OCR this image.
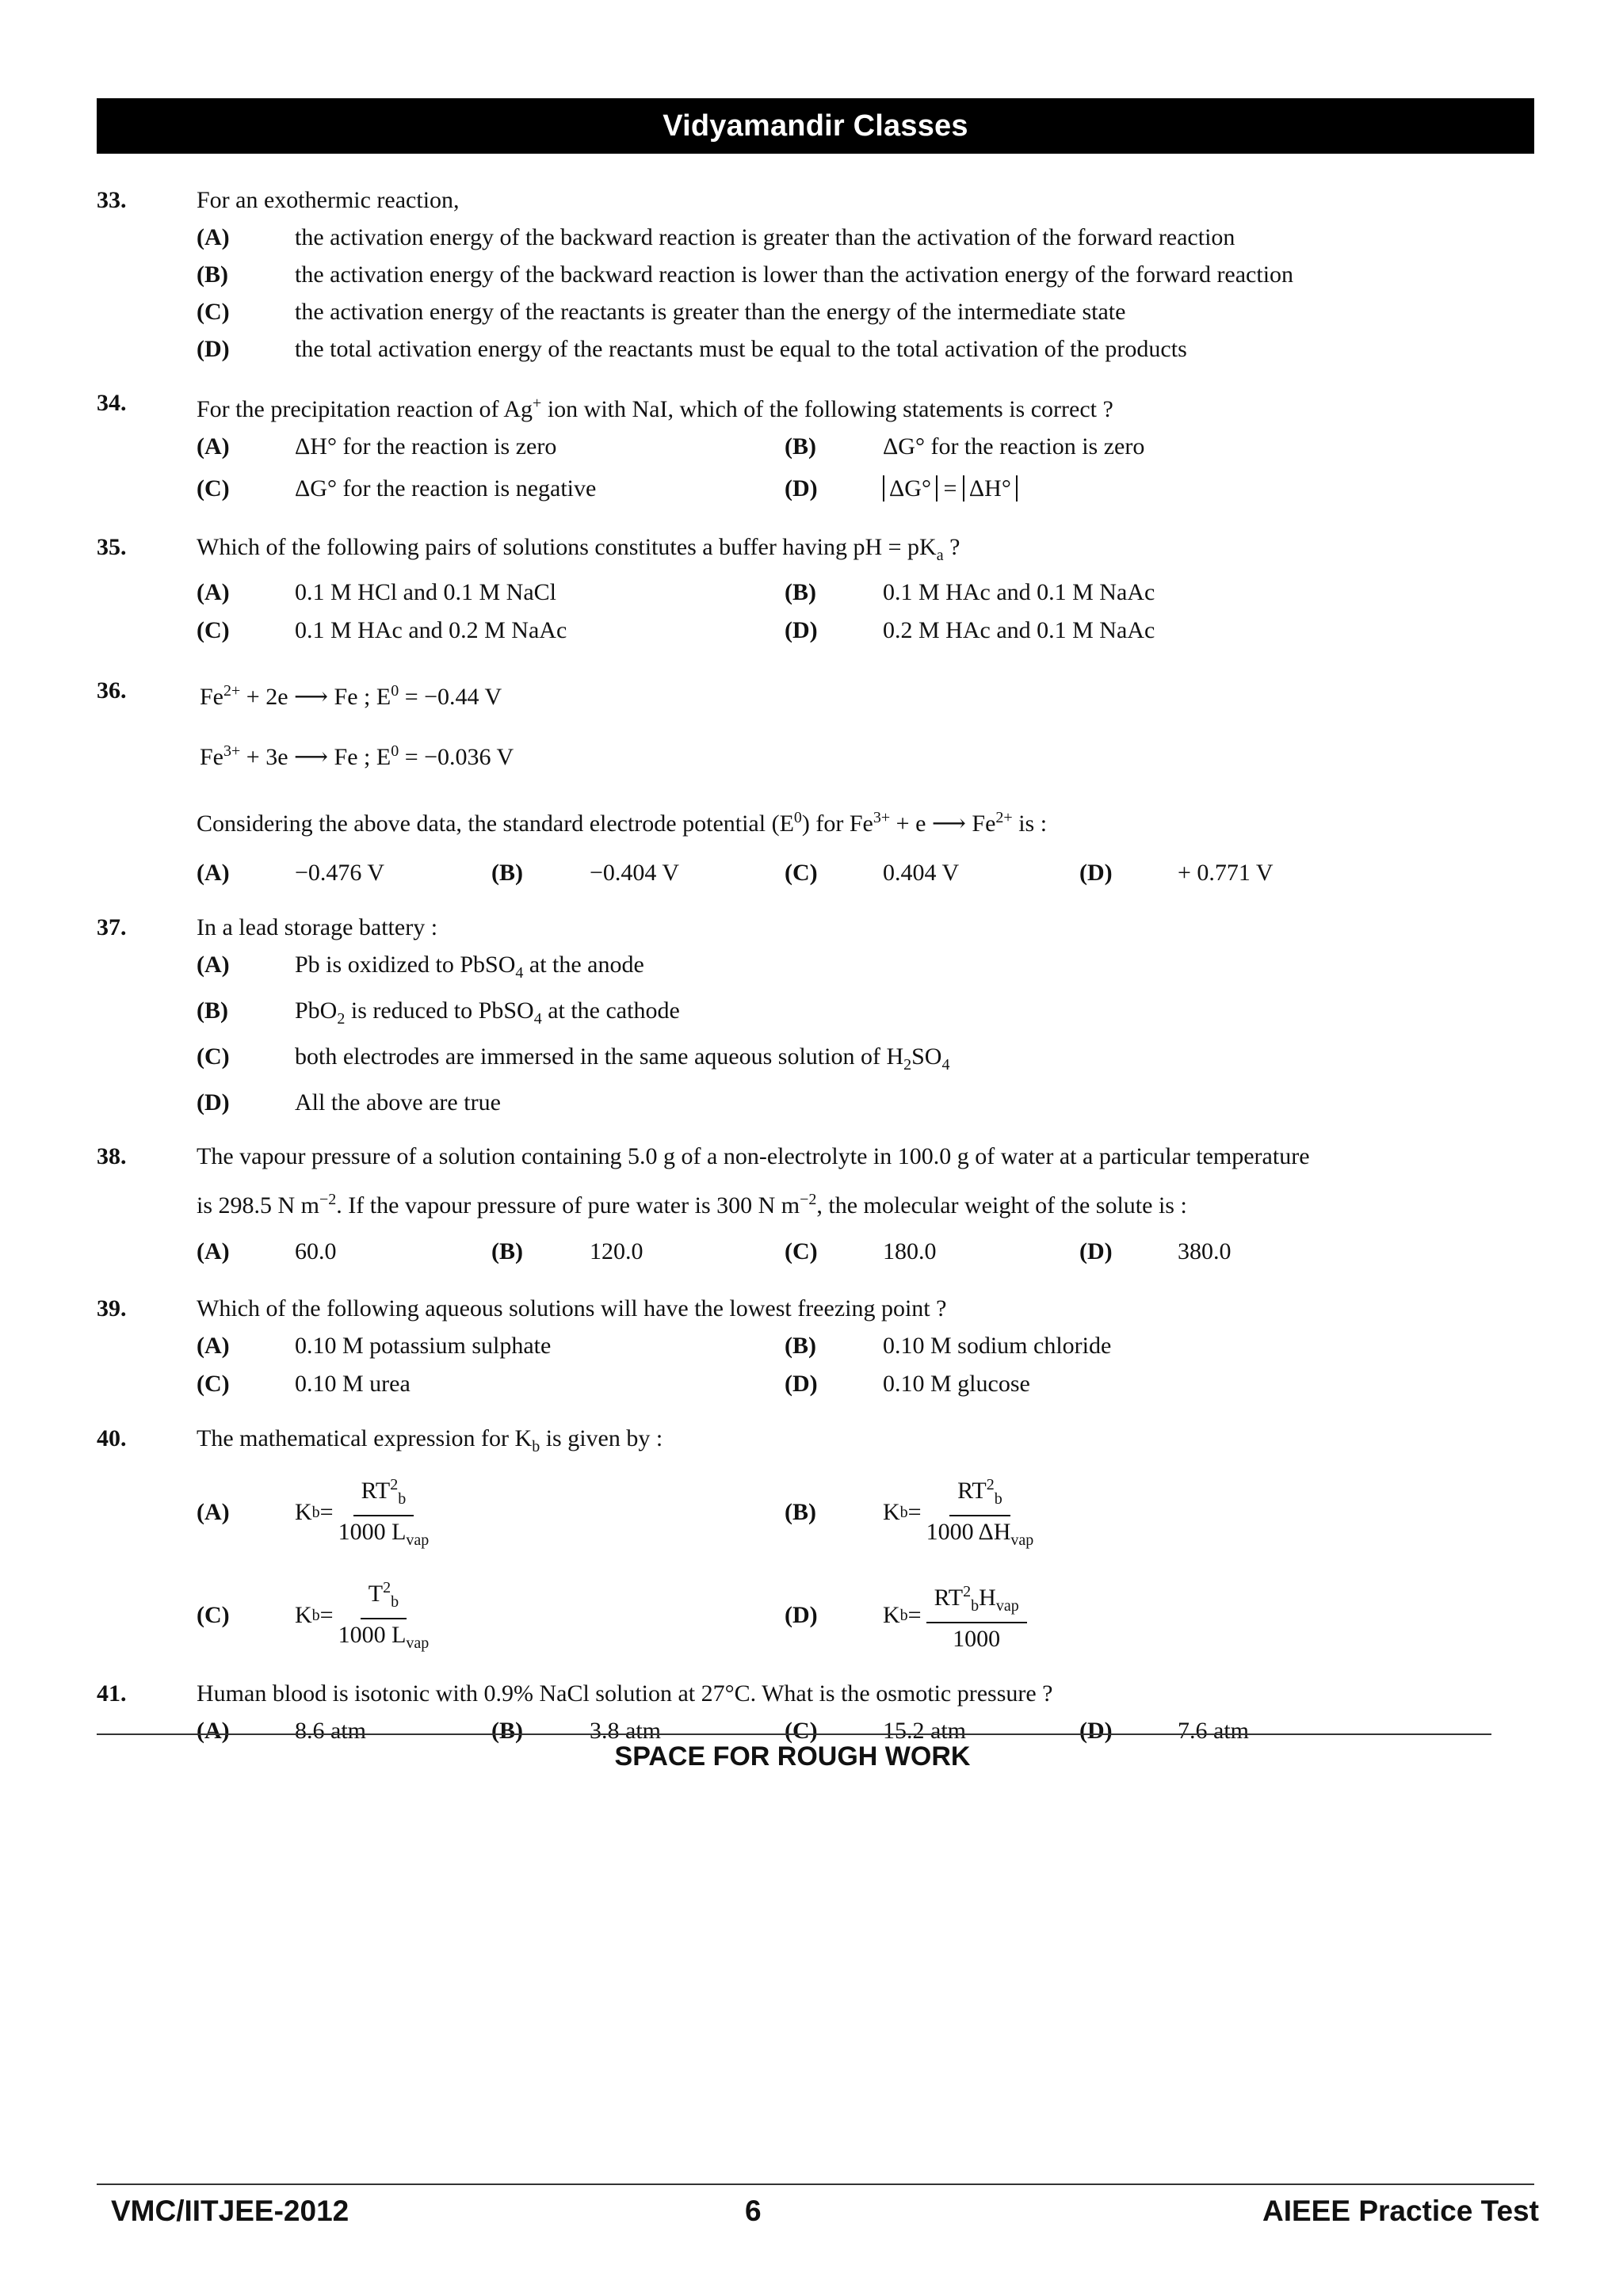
Vidyamandir Classes
33.	For an exothermic reaction,
(A)	the activation energy of the backward reaction is greater than the activation of the forward reaction
(B)	the activation energy of the backward reaction is lower than the activation energy of the forward reaction
(C)	the activation energy of the reactants is greater than the energy of the intermediate state
(D)	the total activation energy of the reactants must be equal to the total activation of the products
34.	For the precipitation reaction of Ag+ ion with NaI, which of the following statements is correct ?
(A)	ΔH° for the reaction is zero	(B)	ΔG° for the reaction is zero
(C)	ΔG° for the reaction is negative	(D)	ΔG° = ΔH°
35.	Which of the following pairs of solutions constitutes a buffer having pH = $pK_a$ ?
(A)	0.1 M HCl and 0.1 M NaCl	(B)	0.1 M HAc and 0.1 M NaAc
(C)	0.1 M HAc and 0.2 M NaAc	(D)	0.2 M HAc and 0.1 M NaAc
36.	$Fe^{2+} + 2e$ ⟶ Fe ; $E^0 = -0.44$ V
$Fe^{3+} + 3e$ ⟶ Fe ; $E^0 = -0.036$ V
Considering the above data, the standard electrode potential $(E^0)$ for $Fe^{3+} + e$ ⟶ $Fe^{2+}$ is :
(A)	−0.476 V	(B)	−0.404 V	(C)	0.404 V	(D)	+ 0.771 V
37.	In a lead storage battery :
(A)	Pb is oxidized to PbSO$_4$ at the anode
(B)	PbO$_2$ is reduced to PbSO$_4$ at the cathode
(C)	both electrodes are immersed in the same aqueous solution of $H_2SO_4$
(D)	All the above are true
38.	The vapour pressure of a solution containing 5.0 g of a non-electrolyte in 100.0 g of water at a particular temperature
is 298.5 N $m^{-2}$. If the vapour pressure of pure water is 300 N $m^{-2}$, the molecular weight of the solute is :
(A)	60.0	(B)	120.0	(C)	180.0	(D)	380.0
39.	Which of the following aqueous solutions will have the lowest freezing point ?
(A)	0.10 M potassium sulphate	(B)	0.10 M sodium chloride
(C)	0.10 M urea	(D)	0.10 M glucose
40.	The mathematical expression for $K_b$ is given by :
(A)	K $b = \frac{RT^2_b}{1000 L_{vap}}$	(B)	K $b = \frac{RT^2_b}{1000 \Delta H_{vap}}$
(C)	K $b = \frac{T^2_b}{1000 L_{vap}}$	(D)	K $b = \frac{RT^2_bH_{vap}}{1000}$
41.	Human blood is isotonic with 0.9% NaCl solution at 27°C. What is the osmotic pressure ?
(A)	8.6 atm	(B)	3.8 atm	(C)	15.2 atm	(D)	7.6 atm
SPACE FOR ROUGH WORK
VMC/IITJEE-2012	6	AIEEE Practice Test
